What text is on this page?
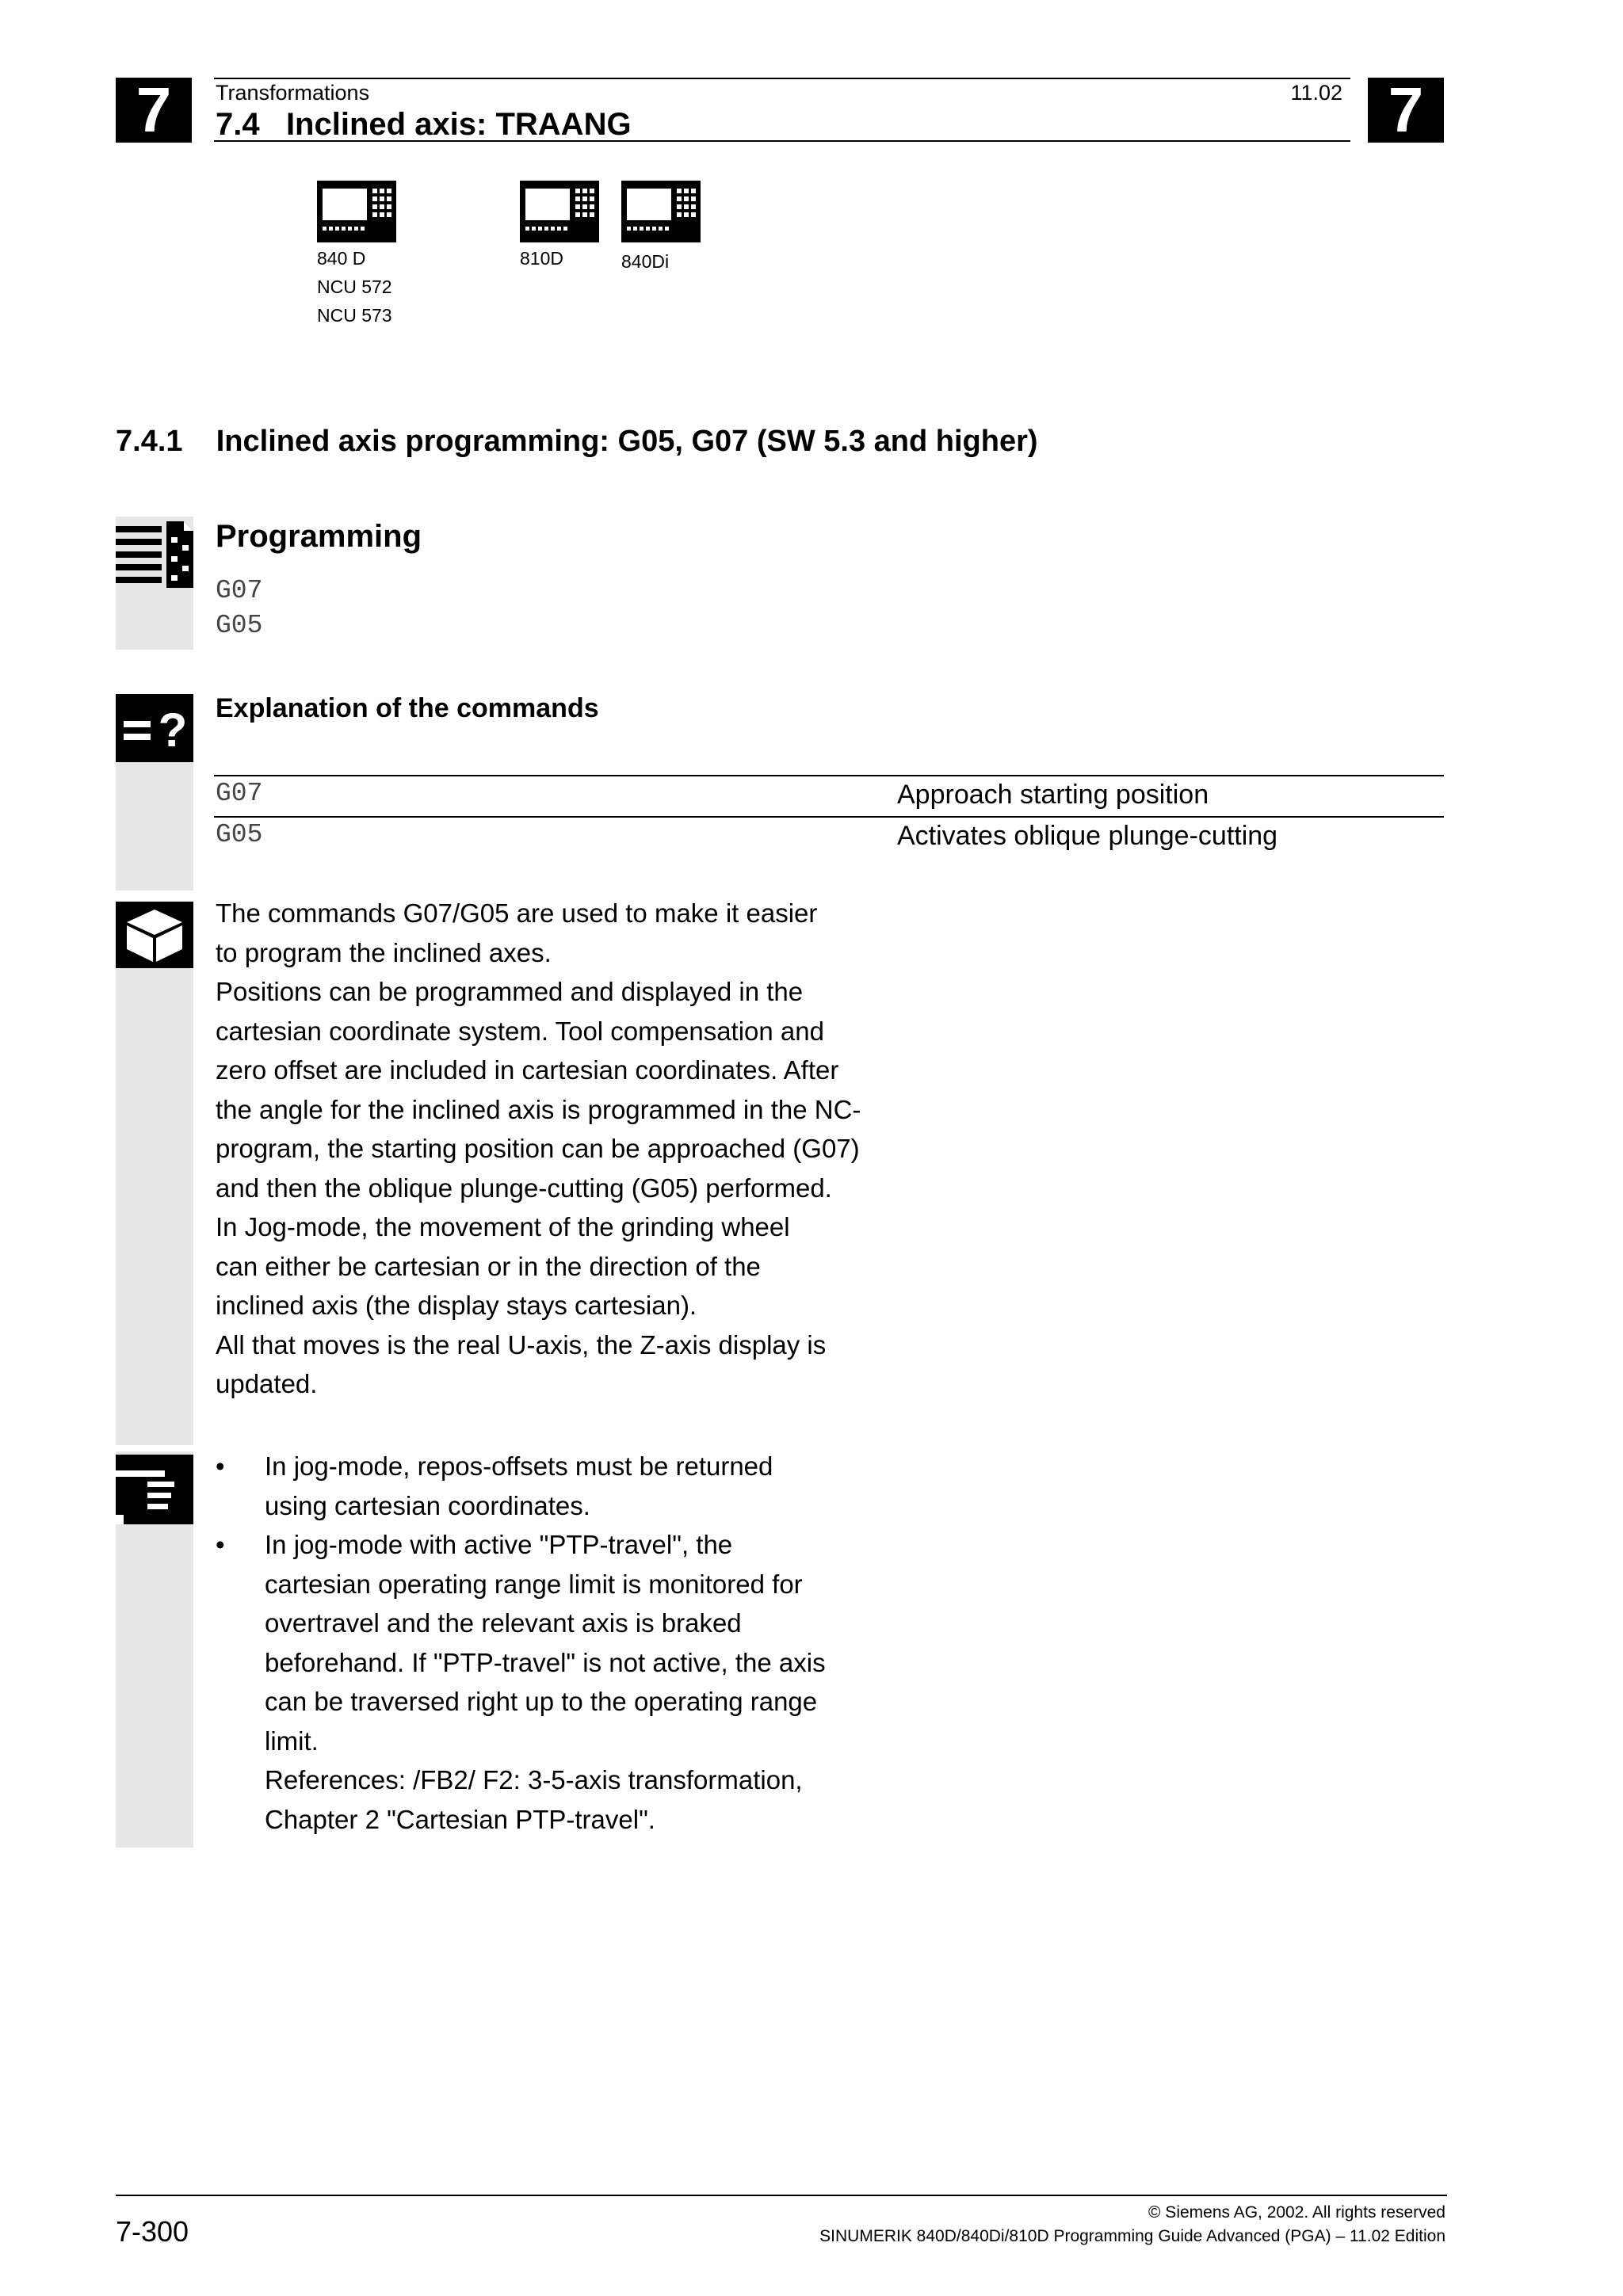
7	7
Transformations	11.02
7.4   Inclined axis: TRAANG
840 D
NCU 572
NCU 573
810D	840Di
7.4.1    Inclined axis programming: G05, G07 (SW 5.3 and higher)
Programming
G07
G05
? Explanation of the commands
G07	Approach starting position
G05	Activates oblique plunge-cutting
The commands G07/G05 are used to make it easier
to program the inclined axes.
Positions can be programmed and displayed in the
cartesian coordinate system. Tool compensation and
zero offset are included in cartesian coordinates. After
the angle for the inclined axis is programmed in the NC-
program, the starting position can be approached (G07)
and then the oblique plunge-cutting (G05) performed.
In Jog-mode, the movement of the grinding wheel
can either be cartesian or in the direction of the
inclined axis (the display stays cartesian).
All that moves is the real U-axis, the Z-axis display is
updated.
• In jog-mode, repos-offsets must be returned
using cartesian coordinates.
• In jog-mode with active "PTP-travel", the
cartesian operating range limit is monitored for
overtravel and the relevant axis is braked
beforehand. If "PTP-travel" is not active, the axis
can be traversed right up to the operating range
limit.
References: /FB2/ F2: 3-5-axis transformation,
Chapter 2 "Cartesian PTP-travel".
7-300
© Siemens AG, 2002. All rights reserved
SINUMERIK 840D/840Di/810D Programming Guide Advanced (PGA) – 11.02 Edition
